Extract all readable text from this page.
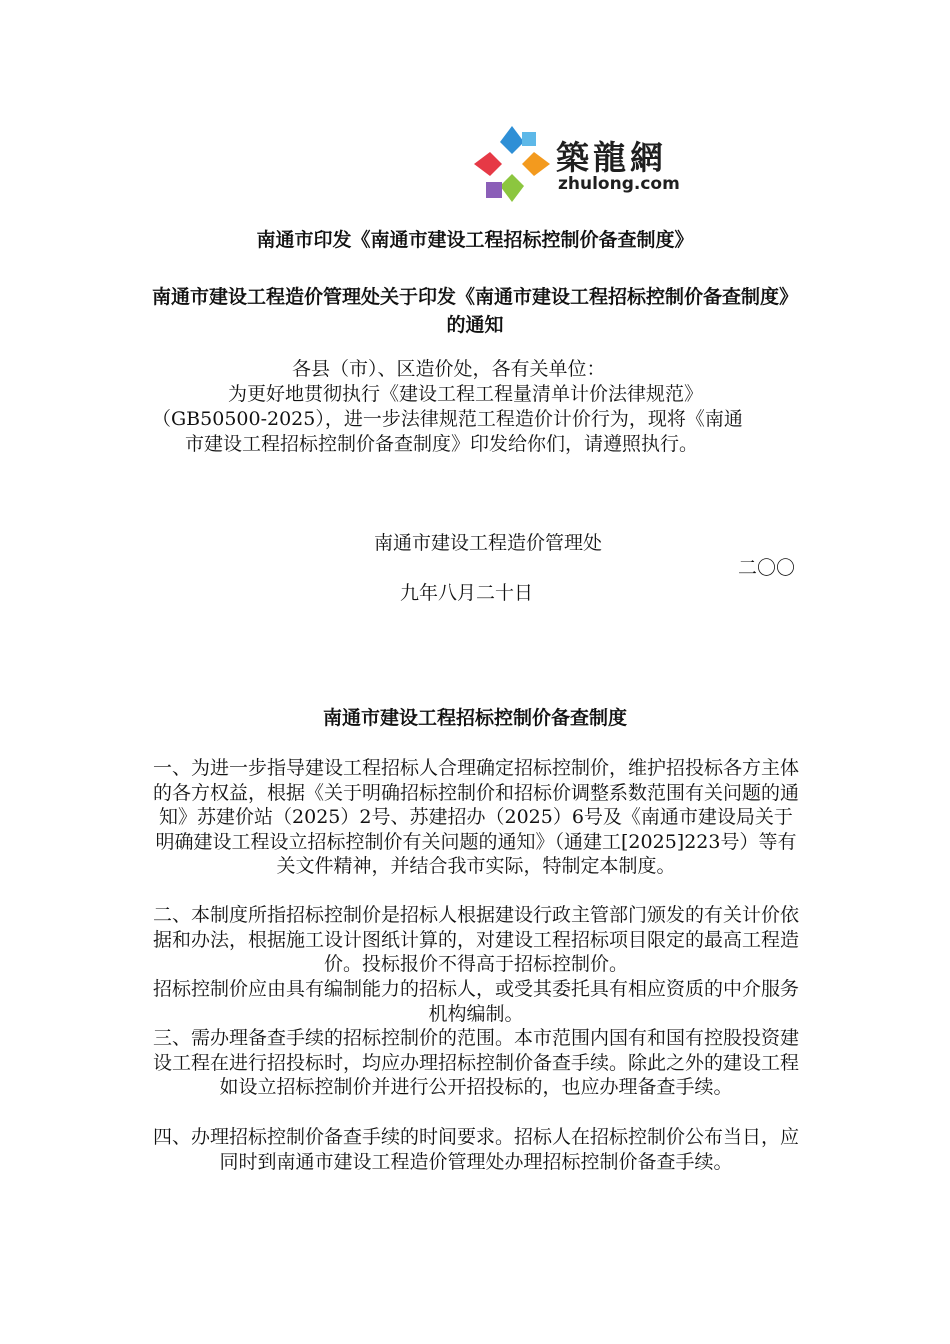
築龍網
zhulong.com
南通市印发《南通市建设工程招标控制价备查制度》
南通市建设工程造价管理处关于印发《南通市建设工程招标控制价备查制度》的通知
各县（市）、区造价处，各有关单位：
为更好地贯彻执行《建设工程工程量清单计价法律规范》
（GB50500-2025），进一步法律规范工程造价计价行为，现将《南通
市建设工程招标控制价备查制度》印发给你们，请遵照执行。
南通市建设工程造价管理处
二〇〇
九年八月二十日
南通市建设工程招标控制价备查制度
一、为进一步指导建设工程招标人合理确定招标控制价，维护招投标各方主体的各方权益，根据《关于明确招标控制价和招标价调整系数范围有关问题的通知》苏建价站（2025）2号、苏建招办（2025）6号及《南通市建设局关于明确建设工程设立招标控制价有关问题的通知》（通建工[2025]223号）等有关文件精神，并结合我市实际，特制定本制度。
二、本制度所指招标控制价是招标人根据建设行政主管部门颁发的有关计价依据和办法，根据施工设计图纸计算的，对建设工程招标项目限定的最高工程造价。投标报价不得高于招标控制价。
招标控制价应由具有编制能力的招标人，或受其委托具有相应资质的中介服务机构编制。
三、需办理备查手续的招标控制价的范围。本市范围内国有和国有控股投资建设工程在进行招投标时，均应办理招标控制价备查手续。除此之外的建设工程如设立招标控制价并进行公开招投标的，也应办理备查手续。
四、办理招标控制价备查手续的时间要求。招标人在招标控制价公布当日，应同时到南通市建设工程造价管理处办理招标控制价备查手续。
